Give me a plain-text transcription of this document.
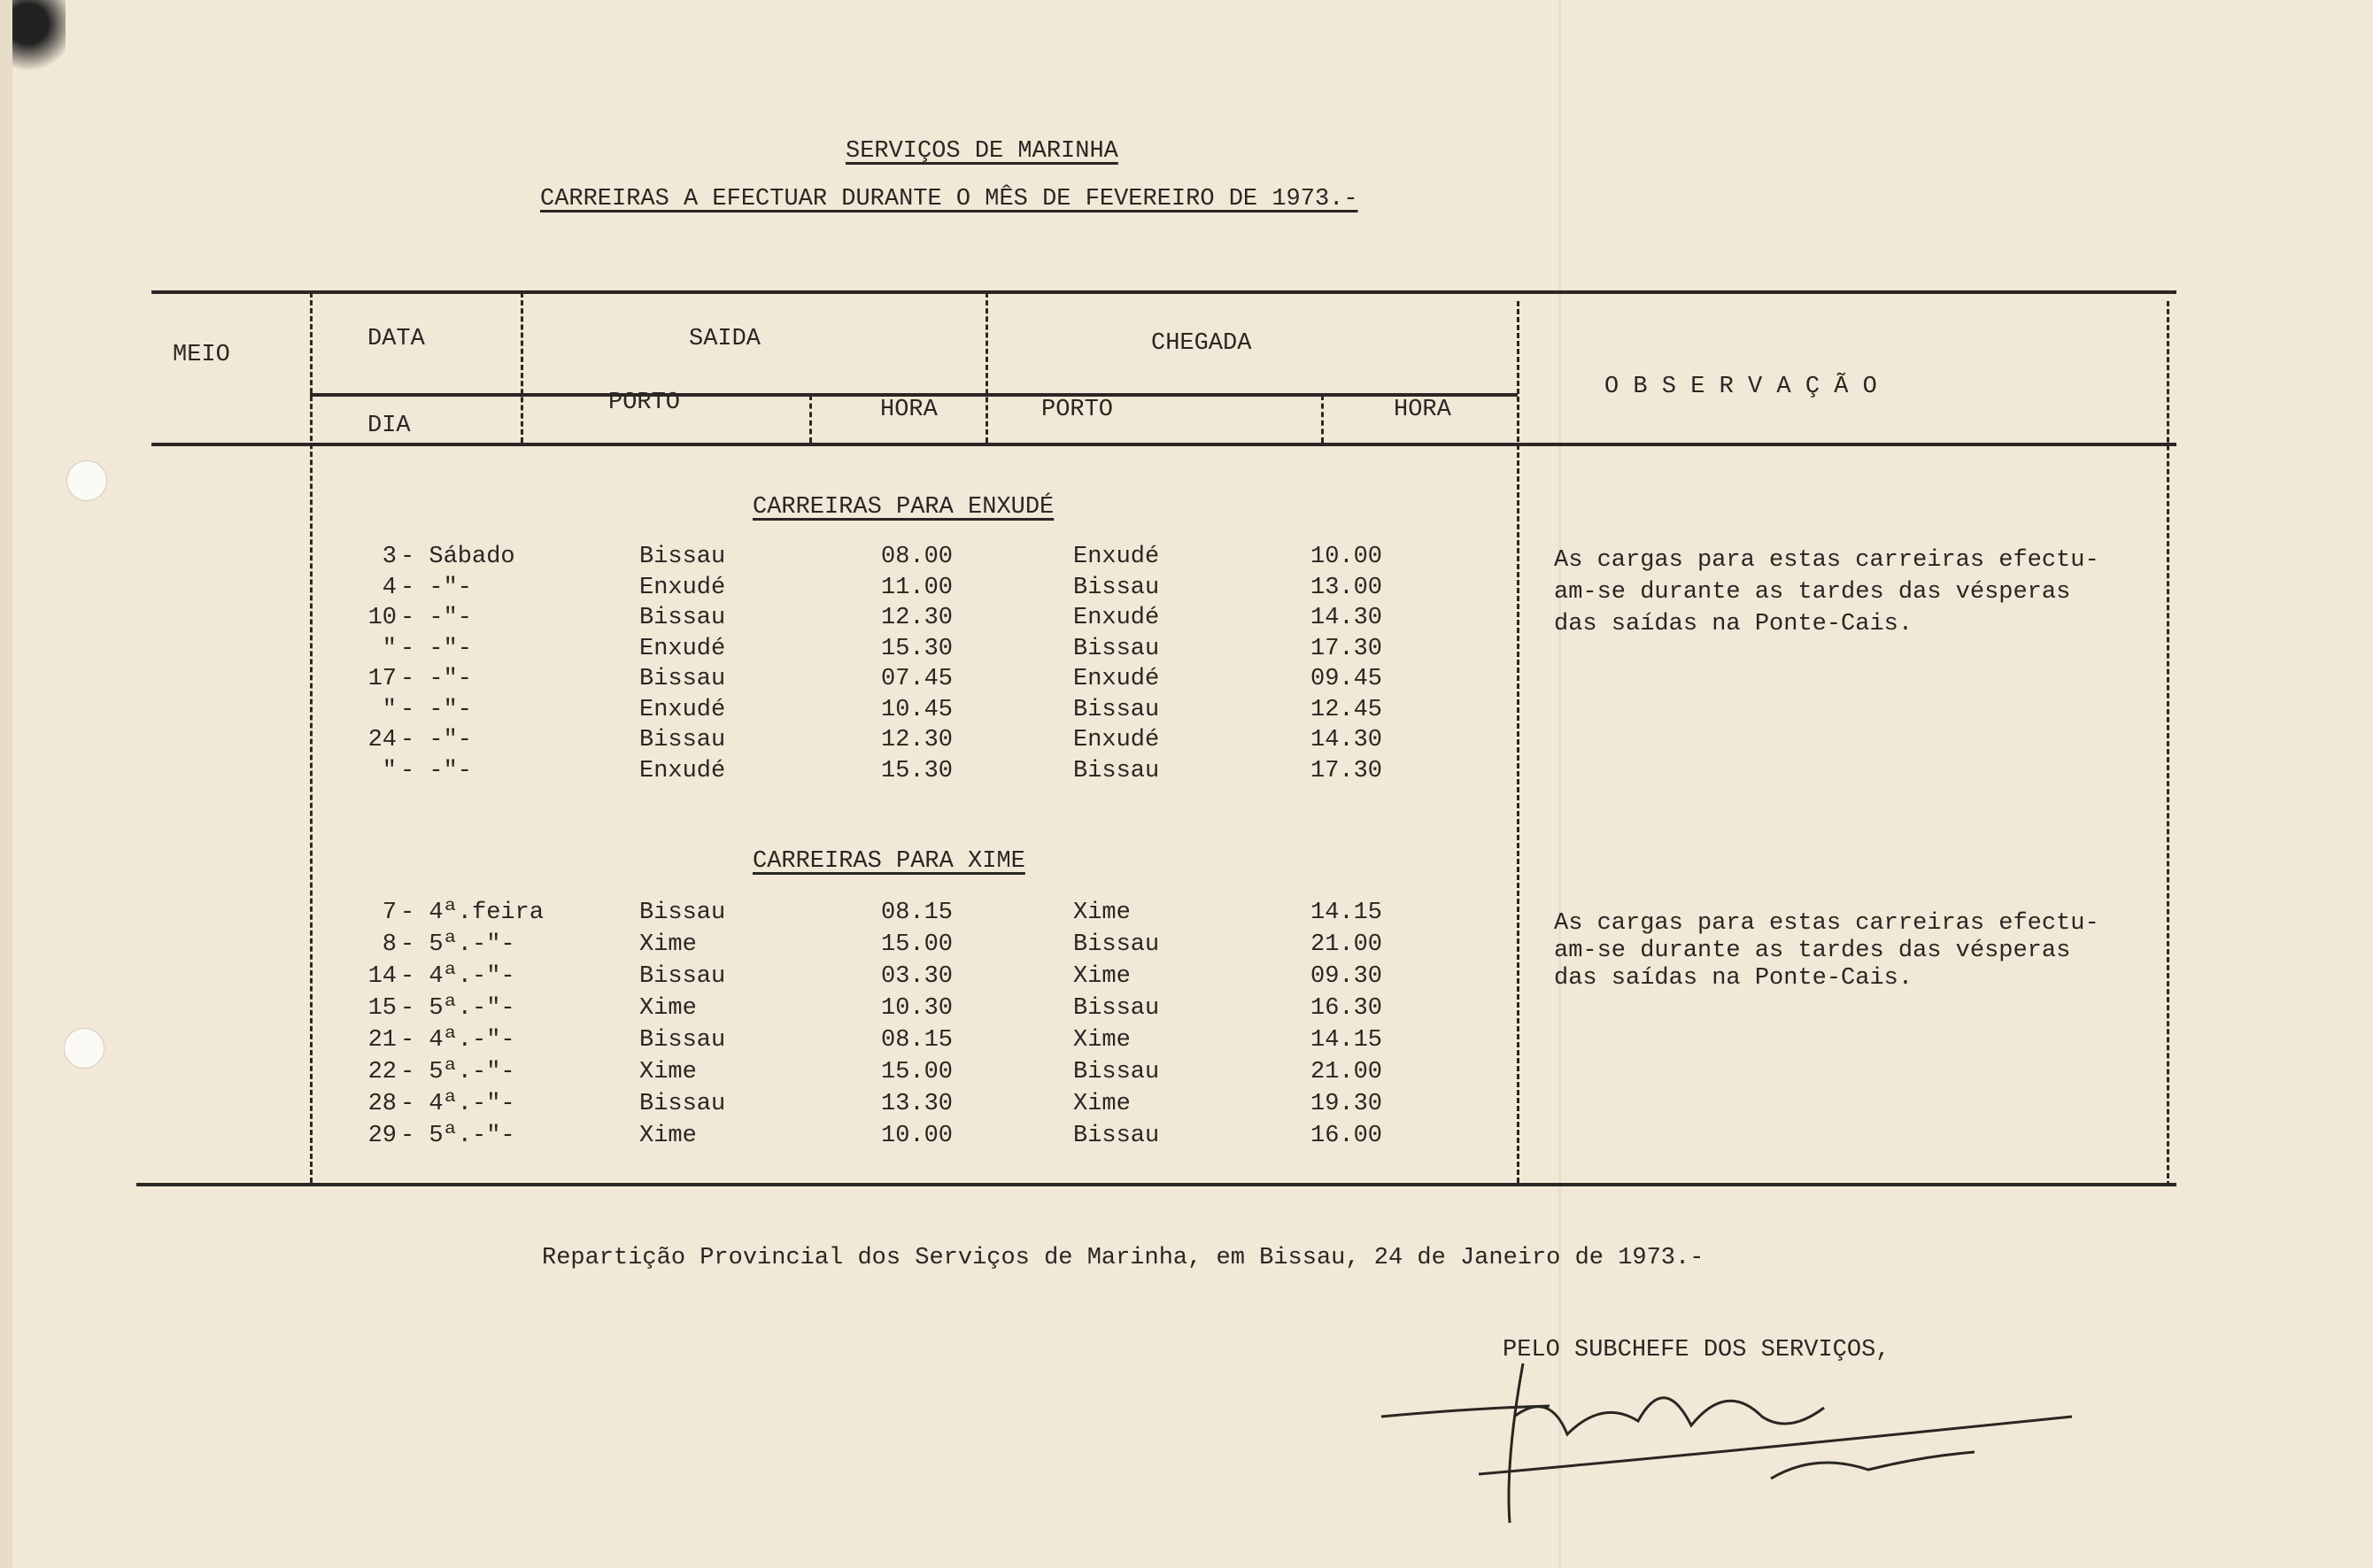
SERVIÇOS DE MARINHA
CARREIRAS A EFECTUAR DURANTE O MÊS DE FEVEREIRO DE 1973.-
MEIO
DATA
DIA
SAIDA	CHEGADA
PORTO	HORA	PORTO	HORA
O B S E R V A Ç Ã O
CARREIRAS PARA ENXUDÉ
3 - Sábado	Bissau	08.00	Enxudé	10.00
4 - -"-	Enxudé	11.00	Bissau	13.00
10 - -"-	Bissau	12.30	Enxudé	14.30
" - -"-	Enxudé	15.30	Bissau	17.30
17 - -"-	Bissau	07.45	Enxudé	09.45
" - -"-	Enxudé	10.45	Bissau	12.45
24 - -"-	Bissau	12.30	Enxudé	14.30
" - -"-	Enxudé	15.30	Bissau	17.30
As cargas para estas carreiras efectu-
am-se durante as tardes das vésperas
das saídas na Ponte-Cais.
CARREIRAS PARA XIME
7 - 4ª.feira	Bissau	08.15	Xime	14.15
8 - 5ª.-"-	Xime	15.00	Bissau	21.00
14 - 4ª.-"-	Bissau	03.30	Xime	09.30
15 - 5ª.-"-	Xime	10.30	Bissau	16.30
21 - 4ª.-"-	Bissau	08.15	Xime	14.15
22 - 5ª.-"-	Xime	15.00	Bissau	21.00
28 - 4ª.-"-	Bissau	13.30	Xime	19.30
29 - 5ª.-"-	Xime	10.00	Bissau	16.00
As cargas para estas carreiras efectu-
am-se durante as tardes das vésperas
das saídas na Ponte-Cais.
Repartição Provincial dos Serviços de Marinha, em Bissau, 24 de Janeiro de 1973.-
PELO SUBCHEFE DOS SERVIÇOS,
